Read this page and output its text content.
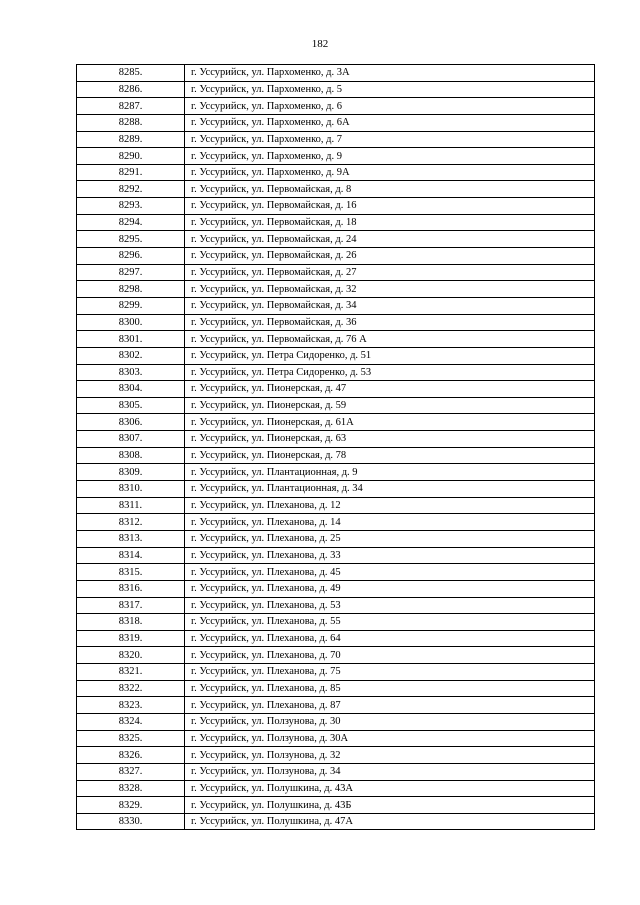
182
8285.	г. Уссурийск, ул. Пархоменко, д. 3А
8286.	г. Уссурийск, ул. Пархоменко, д. 5
8287.	г. Уссурийск, ул. Пархоменко, д. 6
8288.	г. Уссурийск, ул. Пархоменко, д. 6А
8289.	г. Уссурийск, ул. Пархоменко, д. 7
8290.	г. Уссурийск, ул. Пархоменко, д. 9
8291.	г. Уссурийск, ул. Пархоменко, д. 9А
8292.	г. Уссурийск, ул. Первомайская, д. 8
8293.	г. Уссурийск, ул. Первомайская, д. 16
8294.	г. Уссурийск, ул. Первомайская, д. 18
8295.	г. Уссурийск, ул. Первомайская, д. 24
8296.	г. Уссурийск, ул. Первомайская, д. 26
8297.	г. Уссурийск, ул. Первомайская, д. 27
8298.	г. Уссурийск, ул. Первомайская, д. 32
8299.	г. Уссурийск, ул. Первомайская, д. 34
8300.	г. Уссурийск, ул. Первомайская, д. 36
8301.	г. Уссурийск, ул. Первомайская, д. 76 А
8302.	г. Уссурийск, ул. Петра Сидоренко, д. 51
8303.	г. Уссурийск, ул. Петра Сидоренко, д. 53
8304.	г. Уссурийск, ул. Пионерская, д. 47
8305.	г. Уссурийск, ул. Пионерская, д. 59
8306.	г. Уссурийск, ул. Пионерская, д. 61А
8307.	г. Уссурийск, ул. Пионерская, д. 63
8308.	г. Уссурийск, ул. Пионерская, д. 78
8309.	г. Уссурийск, ул. Плантационная, д. 9
8310.	г. Уссурийск, ул. Плантационная, д. 34
8311.	г. Уссурийск, ул. Плеханова, д. 12
8312.	г. Уссурийск, ул. Плеханова, д. 14
8313.	г. Уссурийск, ул. Плеханова, д. 25
8314.	г. Уссурийск, ул. Плеханова, д. 33
8315.	г. Уссурийск, ул. Плеханова, д. 45
8316.	г. Уссурийск, ул. Плеханова, д. 49
8317.	г. Уссурийск, ул. Плеханова, д. 53
8318.	г. Уссурийск, ул. Плеханова, д. 55
8319.	г. Уссурийск, ул. Плеханова, д. 64
8320.	г. Уссурийск, ул. Плеханова, д. 70
8321.	г. Уссурийск, ул. Плеханова, д. 75
8322.	г. Уссурийск, ул. Плеханова, д. 85
8323.	г. Уссурийск, ул. Плеханова, д. 87
8324.	г. Уссурийск, ул. Ползунова, д. 30
8325.	г. Уссурийск, ул. Ползунова, д. 30А
8326.	г. Уссурийск, ул. Ползунова, д. 32
8327.	г. Уссурийск, ул. Ползунова, д. 34
8328.	г. Уссурийск, ул. Полушкина, д. 43А
8329.	г. Уссурийск, ул. Полушкина, д. 43Б
8330.	г. Уссурийск, ул. Полушкина, д. 47А
